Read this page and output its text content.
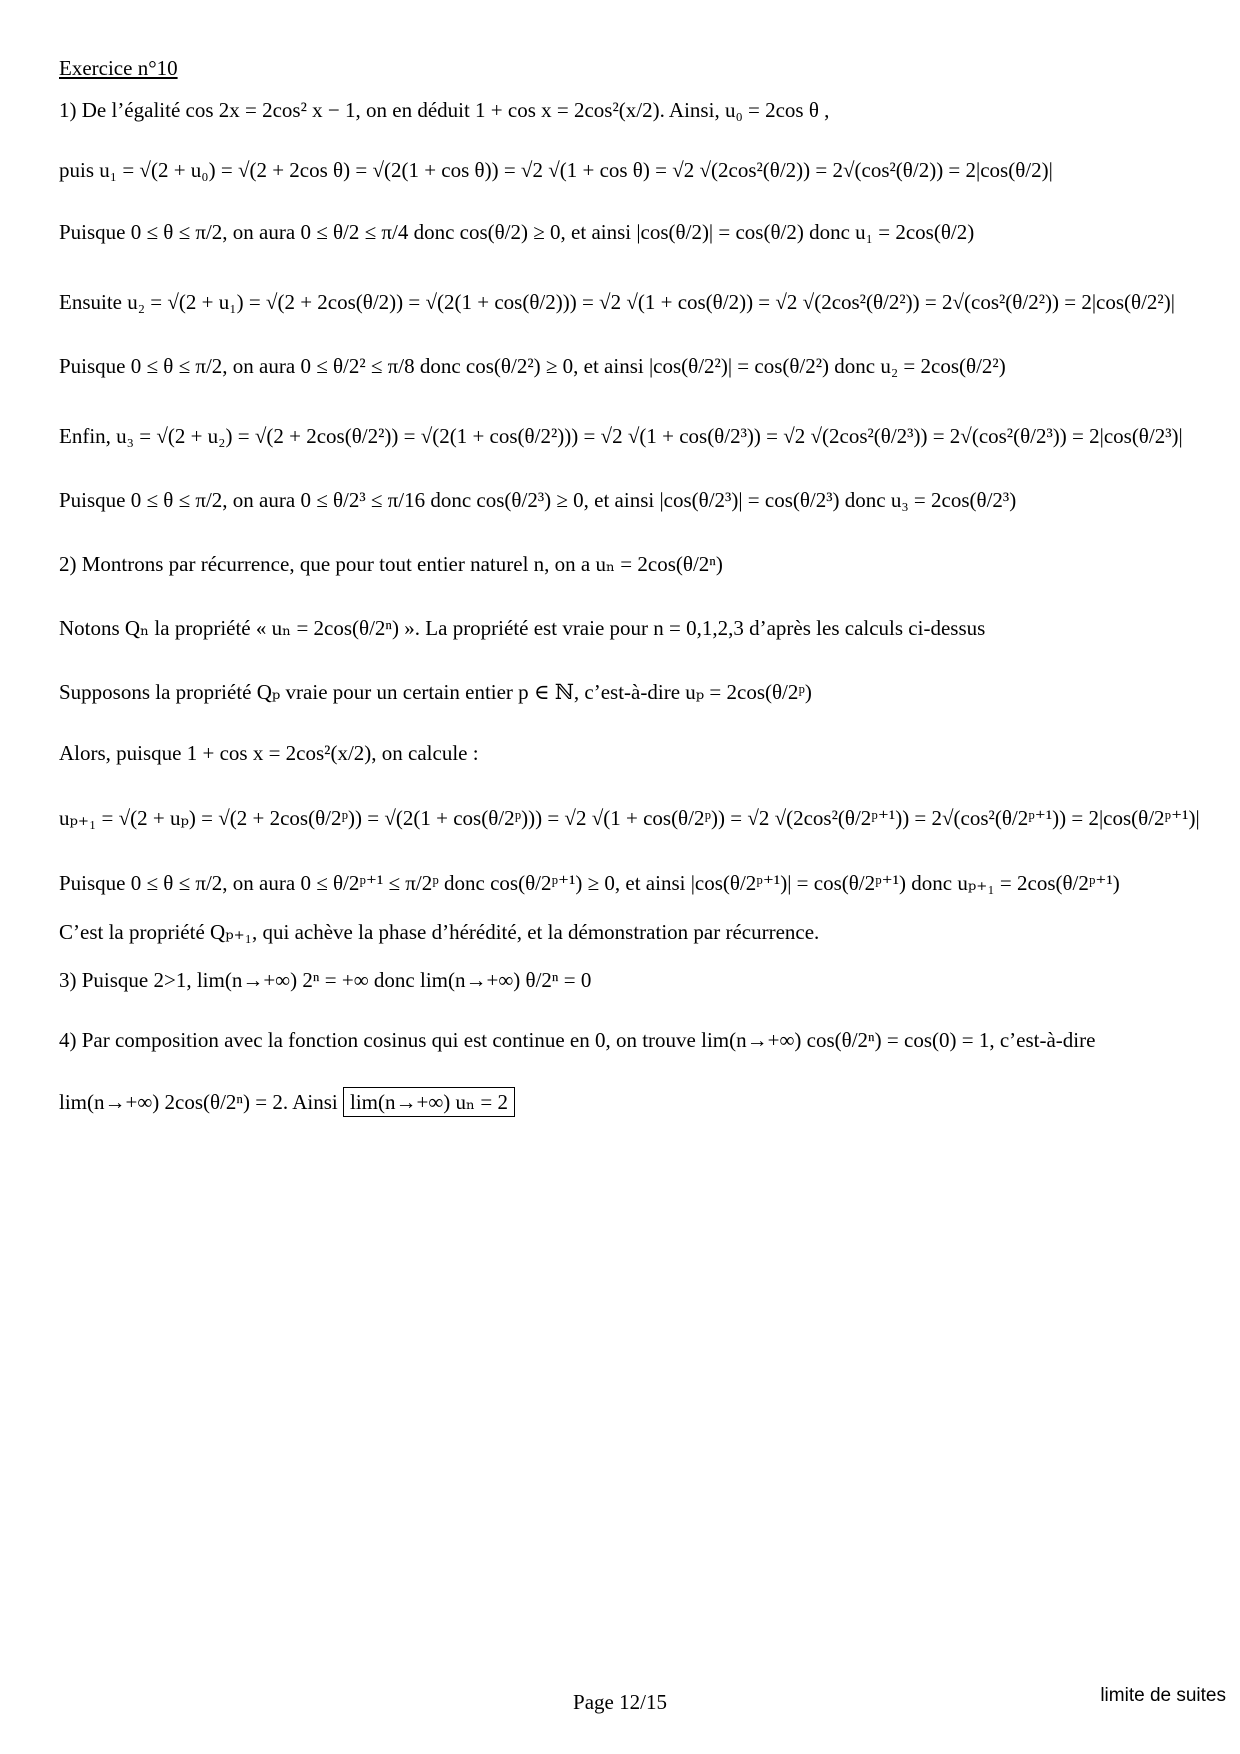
Exercice n°10
1) De l’égalité cos 2x = 2cos² x − 1, on en déduit 1 + cos x = 2cos²(x/2). Ainsi, u₀ = 2cos θ ,
puis u₁ = √(2 + u₀) = √(2 + 2cos θ) = √(2(1 + cos θ)) = √2 √(1 + cos θ) = √2 √(2cos²(θ/2)) = 2√(cos²(θ/2)) = 2|cos(θ/2)|
Puisque 0 ≤ θ ≤ π/2, on aura 0 ≤ θ/2 ≤ π/4 donc cos(θ/2) ≥ 0, et ainsi |cos(θ/2)| = cos(θ/2) donc u₁ = 2cos(θ/2)
Ensuite u₂ = √(2 + u₁) = √(2 + 2cos(θ/2)) = √(2(1 + cos(θ/2))) = √2 √(1 + cos(θ/2)) = √2 √(2cos²(θ/2²)) = 2√(cos²(θ/2²)) = 2|cos(θ/2²)|
Puisque 0 ≤ θ ≤ π/2, on aura 0 ≤ θ/2² ≤ π/8 donc cos(θ/2²) ≥ 0, et ainsi |cos(θ/2²)| = cos(θ/2²) donc u₂ = 2cos(θ/2²)
Enfin, u₃ = √(2 + u₂) = √(2 + 2cos(θ/2²)) = √(2(1 + cos(θ/2²))) = √2 √(1 + cos(θ/2³)) = √2 √(2cos²(θ/2³)) = 2√(cos²(θ/2³)) = 2|cos(θ/2³)|
Puisque 0 ≤ θ ≤ π/2, on aura 0 ≤ θ/2³ ≤ π/16 donc cos(θ/2³) ≥ 0, et ainsi |cos(θ/2³)| = cos(θ/2³) donc u₃ = 2cos(θ/2³)
2) Montrons par récurrence, que pour tout entier naturel n, on a uₙ = 2cos(θ/2ⁿ)
Notons Qₙ la propriété « uₙ = 2cos(θ/2ⁿ) ». La propriété est vraie pour n = 0,1,2,3 d’après les calculs ci-dessus
Supposons la propriété Qₚ vraie pour un certain entier p ∈ ℕ, c’est-à-dire uₚ = 2cos(θ/2ᵖ)
Alors, puisque 1 + cos x = 2cos²(x/2), on calcule :
uₚ₊₁ = √(2 + uₚ) = √(2 + 2cos(θ/2ᵖ)) = √(2(1 + cos(θ/2ᵖ))) = √2 √(1 + cos(θ/2ᵖ)) = √2 √(2cos²(θ/2ᵖ⁺¹)) = 2√(cos²(θ/2ᵖ⁺¹)) = 2|cos(θ/2ᵖ⁺¹)|
Puisque 0 ≤ θ ≤ π/2, on aura 0 ≤ θ/2ᵖ⁺¹ ≤ π/2ᵖ donc cos(θ/2ᵖ⁺¹) ≥ 0, et ainsi |cos(θ/2ᵖ⁺¹)| = cos(θ/2ᵖ⁺¹) donc uₚ₊₁ = 2cos(θ/2ᵖ⁺¹)
C’est la propriété Qₚ₊₁, qui achève la phase d’hérédité, et la démonstration par récurrence.
3) Puisque 2>1, lim(n→+∞) 2ⁿ = +∞ donc lim(n→+∞) θ/2ⁿ = 0
4) Par composition avec la fonction cosinus qui est continue en 0, on trouve lim(n→+∞) cos(θ/2ⁿ) = cos(0) = 1, c’est-à-dire
lim(n→+∞) 2cos(θ/2ⁿ) = 2. Ainsi lim(n→+∞) uₙ = 2
Page 12/15	limite de suites
